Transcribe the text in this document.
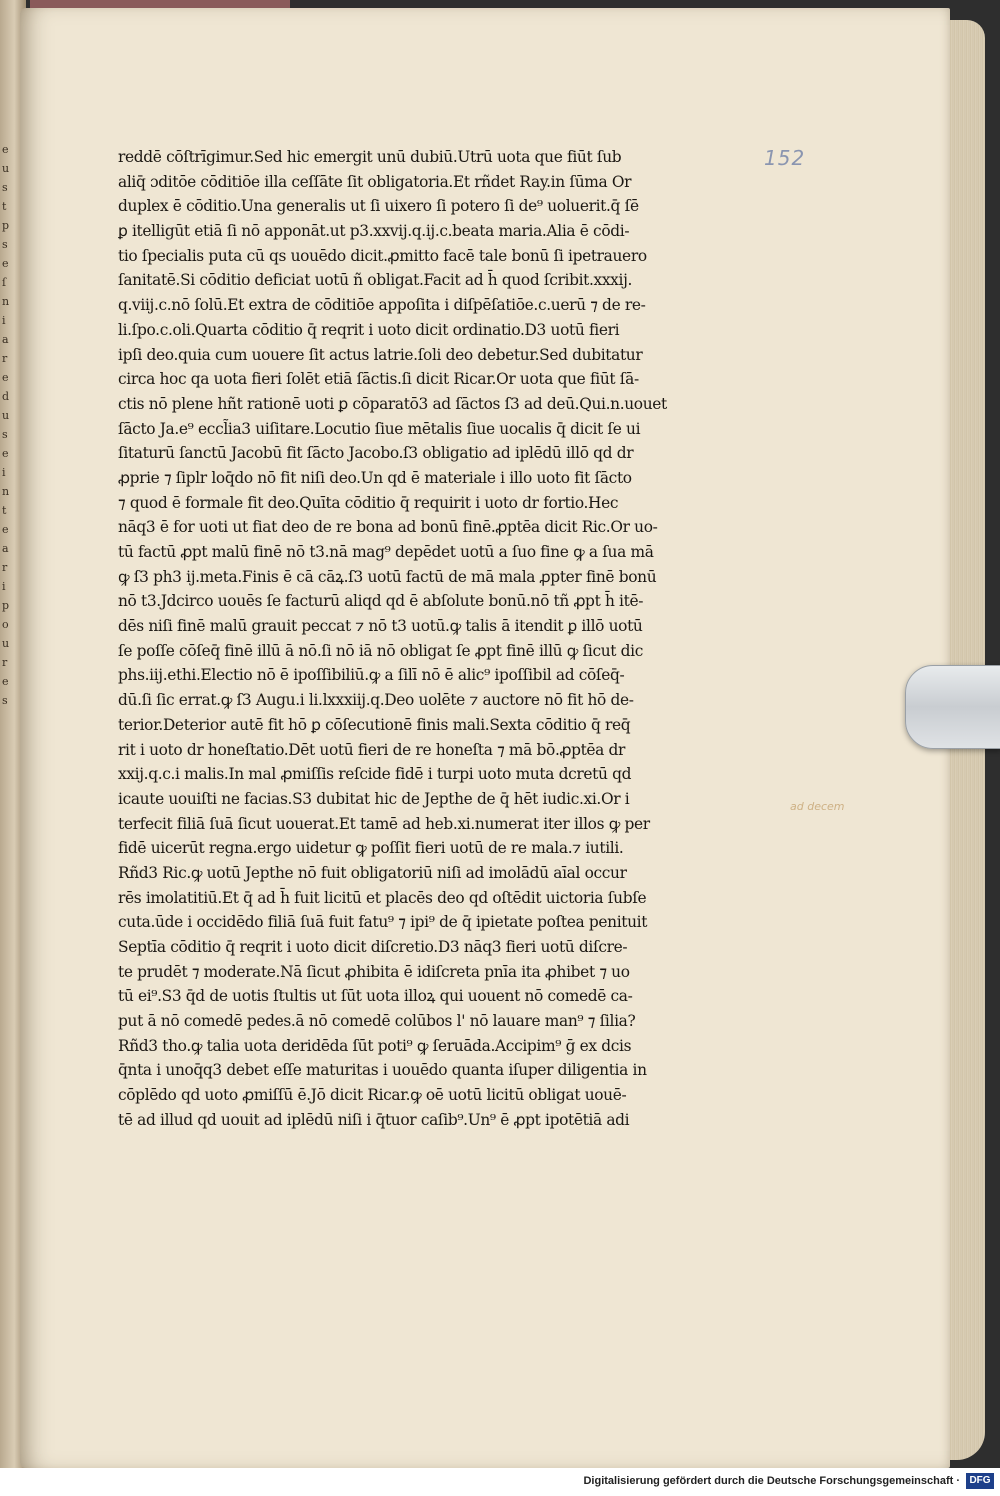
e
u
s
t
p
s
e
ſ
n
i
a
r
e
d
u
s
e
i
n
t
e
a
r
i
p
o
u
r
e
s
152
ad decem
reddē cōſtrīgimur.Sed hic emergit unū dubiū.Utrū uota que fiūt ſub
aliq̄ ɔditōe cōditiōe illa ceſſāte ſit obligatoria.Et rñdet Ray.in ſūma Or
duplex ē cōditio.Una generalis ut ſi uixero ſi potero ſi de⁹ uoluerit.q̄ ſē
ꝑ itelligūt etiā ſi nō apponāt.ut p3.xxvij.q.ij.c.beata maria.Alia ē cōdi-
tio ſpecialis puta cū qs uouēdo dicit.ꝓmitto facē tale bonū ſi ipetrauero
ſanitatē.Si cōditio deficiat uotū ñ obligat.Facit ad h̄ quod ſcribit.xxxij.
q.viij.c.nō ſolū.Et extra de cōditiōe appoſita i diſpēſatiōe.c.uerū ⁊ de re-
li.ſpo.c.oli.Quarta cōditio q̄ reqrit i uoto dicit ordinatio.D3 uotū fieri
ipſi deo.quia cum uouere ſit actus latrie.ſoli deo debetur.Sed dubitatur
circa hoc qa uota fieri ſolēt etiā ſāctis.ſi dicit Ricar.Or uota que fiūt ſā-
ctis nō plene hñt rationē uoti ꝑ cōparatō3 ad ſāctos ſ3 ad deū.Qui.n.uouet
ſācto Ja.e⁹ eccl̃ia3 uiſitare.Locutio ſiue mētalis ſiue uocalis q̄ dicit ſe ui
ſitaturū ſanctū Jacobū fit ſācto Jacobo.ſ3 obligatio ad iplēdū illō qd dr
ꝓprie ⁊ ſiplr loq̄do nō fit niſi deo.Un qd ē materiale i illo uoto fit ſācto
⁊ quod ē formale fit deo.Quīta cōditio q̄ requirit i uoto dr fortio.Hec
nāq3 ē for uoti ut fiat deo de re bona ad bonū finē.ꝓptēa dicit Ric.Or uo-
tū factū ꝓpt malū finē nō t3.nā mag⁹ depēdet uotū a ſuo fine ꝙ a ſua mā
ꝙ ſ3 ph3 ij.meta.Finis ē cā cāꝝ.ſ3 uotū factū de mā mala ꝓpter finē bonū
nō t3.Jdcirco uouēs ſe facturū aliqd qd ē abſolute bonū.nō tñ ꝓpt h̄ itē-
dēs niſi finē malū grauit peccat ⁊ nō t3 uotū.ꝙ talis ā itendit ꝑ illō uotū
ſe poſſe cōſeq̄ finē illū ā nō.ſi nō iā nō obligat ſe ꝓpt finē illū ꝙ ſicut dic
phs.iij.ethi.Electio nō ē ipoſſibiliū.ꝙ a ſilī nō ē alic⁹ ipoſſibil ad cōſeq̄-
dū.ſi ſic errat.ꝙ ſ3 Augu.i li.lxxxiij.q.Deo uolēte ⁊ auctore nō fit hō de-
terior.Deterior autē fit hō ꝑ cōſecutionē finis mali.Sexta cōditio q̄ req̄
rit i uoto dr honeſtatio.Dēt uotū fieri de re honeſta ⁊ mā bō.ꝓptēa dr
xxij.q.c.i malis.In mal ꝓmiſſis reſcide fidē i turpi uoto muta dcretū qd
icaute uouiſti ne facias.S3 dubitat hic de Jepthe de q̄ hēt iudic.xi.Or i
terfecit filiā ſuā ſicut uouerat.Et tamē ad heb.xi.numerat iter illos ꝙ per
fidē uicerūt regna.ergo uidetur ꝙ poſſit fieri uotū de re mala.⁊ iutili.
Rñd3 Ric.ꝙ uotū Jepthe nō fuit obligatoriū niſi ad imolādū aīal occur
rēs imolatitiū.Et q̄ ad h̄ fuit licitū et placēs deo qd oſtēdit uictoria ſubſe
cuta.ūde i occidēdo filiā ſuā fuit fatu⁹ ⁊ ipi⁹ de q̄ ipietate poſtea penituit
Septīa cōditio q̄ reqrit i uoto dicit diſcretio.D3 nāq3 fieri uotū diſcre-
te prudēt ⁊ moderate.Nā ſicut ꝓhibita ē idiſcreta pnīa ita ꝓhibet ⁊ uo
tū ei⁹.S3 q̄d de uotis ſtultis ut ſūt uota illoꝝ qui uouent nō comedē ca-
put ā nō comedē pedes.ā nō comedē colūbos l' nō lauare man⁹ ⁊ ſilia?
Rñd3 tho.ꝙ talia uota deridēda ſūt poti⁹ ꝙ ſeruāda.Accipim⁹ ḡ ex dcis
q̄nta i unoq̄q3 debet eſſe maturitas i uouēdo quanta iſuper diligentia in
cōplēdo qd uoto ꝓmiſſū ē.Jō dicit Ricar.ꝙ oē uotū licitū obligat uouē-
tē ad illud qd uouit ad iplēdū niſi i q̄tuor caſib⁹.Un⁹ ē ꝓpt ipotētiā adi
Digitalisierung gefördert durch die Deutsche Forschungsgemeinschaft · DFG
